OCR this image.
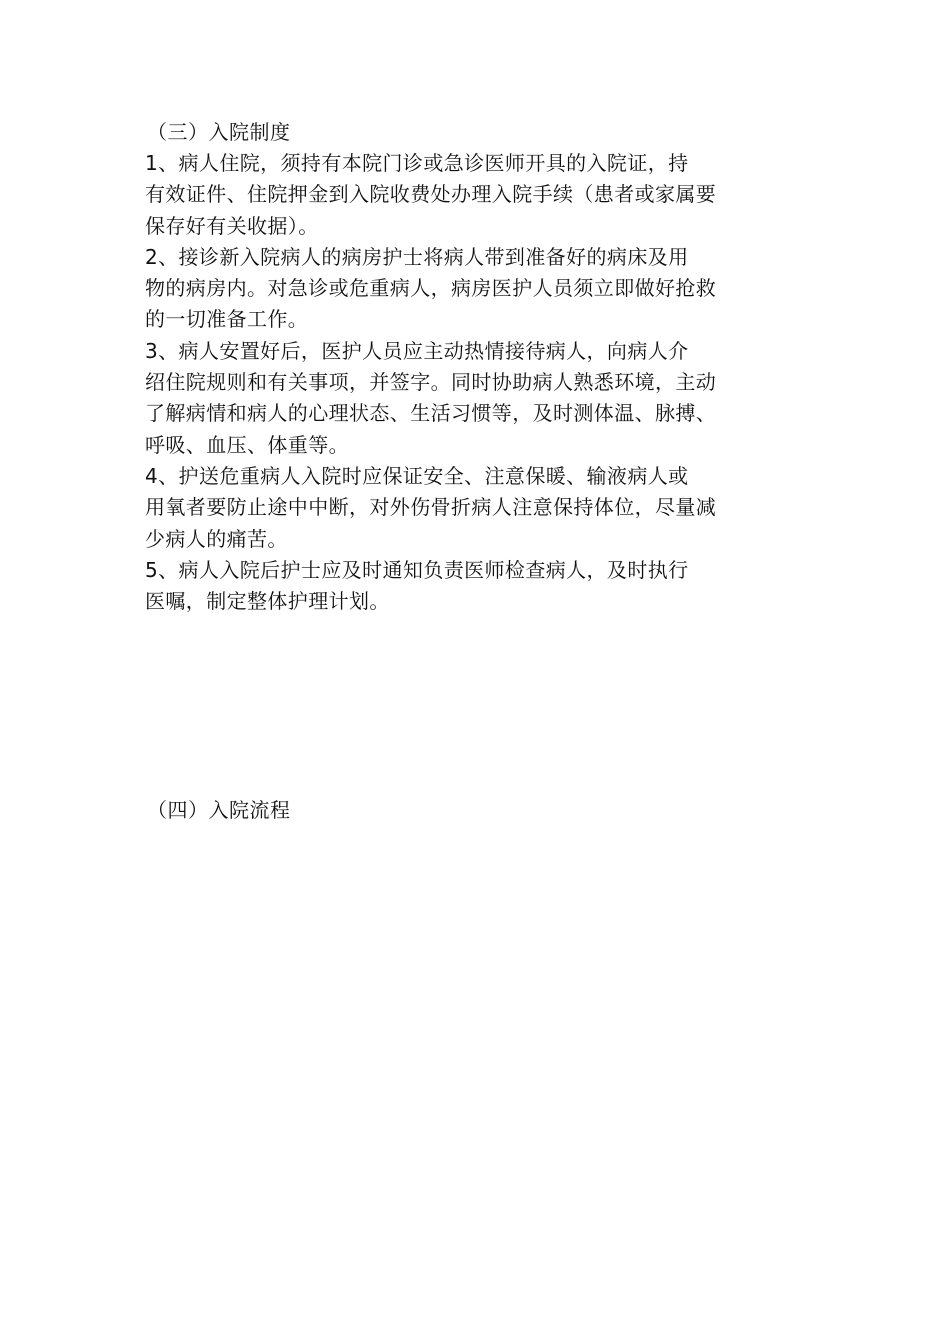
（三）入院制度

1、病人住院，须持有本院门诊或急诊医师开具的入院证，持
有效证件、住院押金到入院收费处办理入院手续（患者或家属要
保存好有关收据）。

2、接诊新入院病人的病房护士将病人带到准备好的病床及用
物的病房内。对急诊或危重病人，病房医护人员须立即做好抢救
的一切准备工作。

3、病人安置好后，医护人员应主动热情接待病人，向病人介
绍住院规则和有关事项，并签字。同时协助病人熟悉环境，主动
了解病情和病人的心理状态、生活习惯等，及时测体温、脉搏、
呼吸、血压、体重等。

4、护送危重病人入院时应保证安全、注意保暖、输液病人或
用氧者要防止途中中断，对外伤骨折病人注意保持体位，尽量减
少病人的痛苦。

5、病人入院后护士应及时通知负责医师检查病人，及时执行
医嘱，制定整体护理计划。

（四）入院流程
